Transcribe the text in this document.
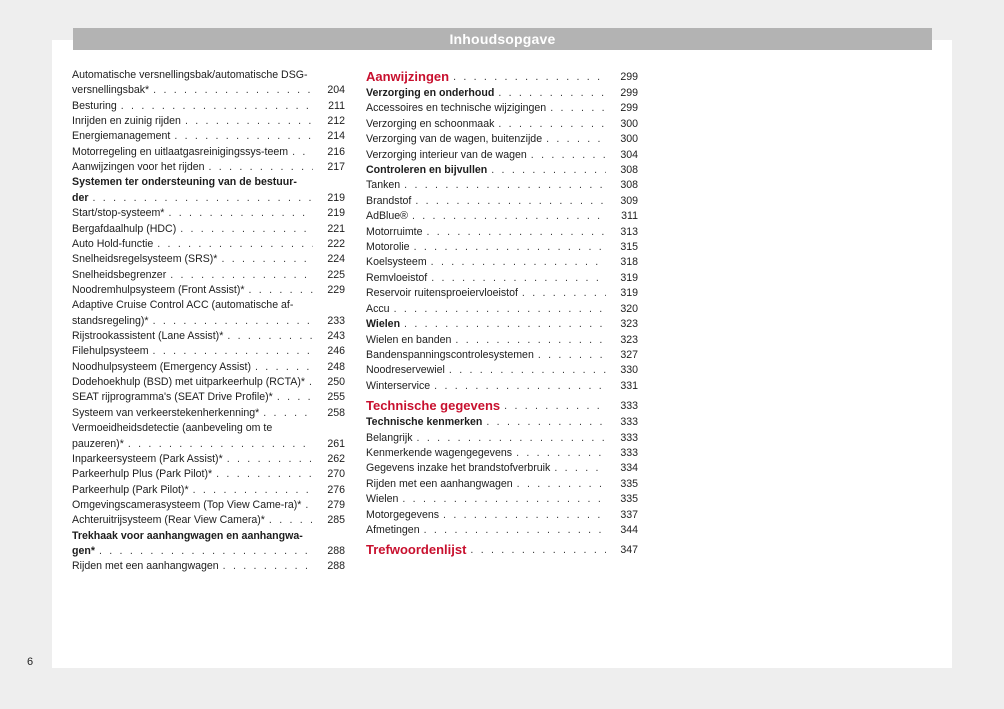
Inhoudsopgave
Automatische versnellingsbak/automatische DSG-
versnellingsbak* . . .	204
Besturing . . .	211
Inrijden en zuinig rijden . . .	212
Energiemanagement . . .	214
Motorregeling en uitlaatgasreinigingssys-teem . . .	216
Aanwijzingen voor het rijden . . .	217
Systemen ter ondersteuning van de bestuur-
der . . .	219
Start/stop-systeem* . . .	219
Bergafdaalhulp (HDC) . . .	221
Auto Hold-functie . . .	222
Snelheidsregelsysteem (SRS)* . . .	224
Snelheidsbegrenzer . . .	225
Noodremhulpsysteem (Front Assist)* . . .	229
Adaptive Cruise Control ACC (automatische af-
standsregeling)* . . .	233
Rijstrookassistent (Lane Assist)* . . .	243
Filehulpsysteem . . .	246
Noodhulpsysteem (Emergency Assist) . . .	248
Dodehoekhulp (BSD) met uitparkeerhulp (RCTA)* . . .	250
SEAT rijprogramma's (SEAT Drive Profile)* . . .	255
Systeem van verkeerstekenherkenning* . . .	258
Vermoeidheidsdetectie (aanbeveling om te
pauzeren)* . . .	261
Inparkeersysteem (Park Assist)* . . .	262
Parkeerhulp Plus (Park Pilot)* . . .	270
Parkeerhulp (Park Pilot)* . . .	276
Omgevingscamerasysteem (Top View Came-ra)* . . .	279
Achteruitrijsysteem (Rear View Camera)* . . .	285
Trekhaak voor aanhangwagen en aanhangwa-
gen* . . .	288
Rijden met een aanhangwagen . . .	288
Aanwijzingen . . .	299
Verzorging en onderhoud . . .	299
Accessoires en technische wijzigingen . . .	299
Verzorging en schoonmaak . . .	300
Verzorging van de wagen, buitenzijde . . .	300
Verzorging interieur van de wagen . . .	304
Controleren en bijvullen . . .	308
Tanken . . .	308
Brandstof . . .	309
AdBlue® . . .	311
Motorruimte . . .	313
Motorolie . . .	315
Koelsysteem . . .	318
Remvloeistof . . .	319
Reservoir ruitensproeiervloeistof . . .	319
Accu . . .	320
Wielen . . .	323
Wielen en banden . . .	323
Bandenspanningscontrolesystemen . . .	327
Noodreservewiel . . .	330
Winterservice . . .	331
Technische gegevens . . .	333
Technische kenmerken . . .	333
Belangrijk . . .	333
Kenmerkende wagengegevens . . .	333
Gegevens inzake het brandstofverbruik . . .	334
Rijden met een aanhangwagen . . .	335
Wielen . . .	335
Motorgegevens . . .	337
Afmetingen . . .	344
Trefwoordenlijst . . .	347
6
